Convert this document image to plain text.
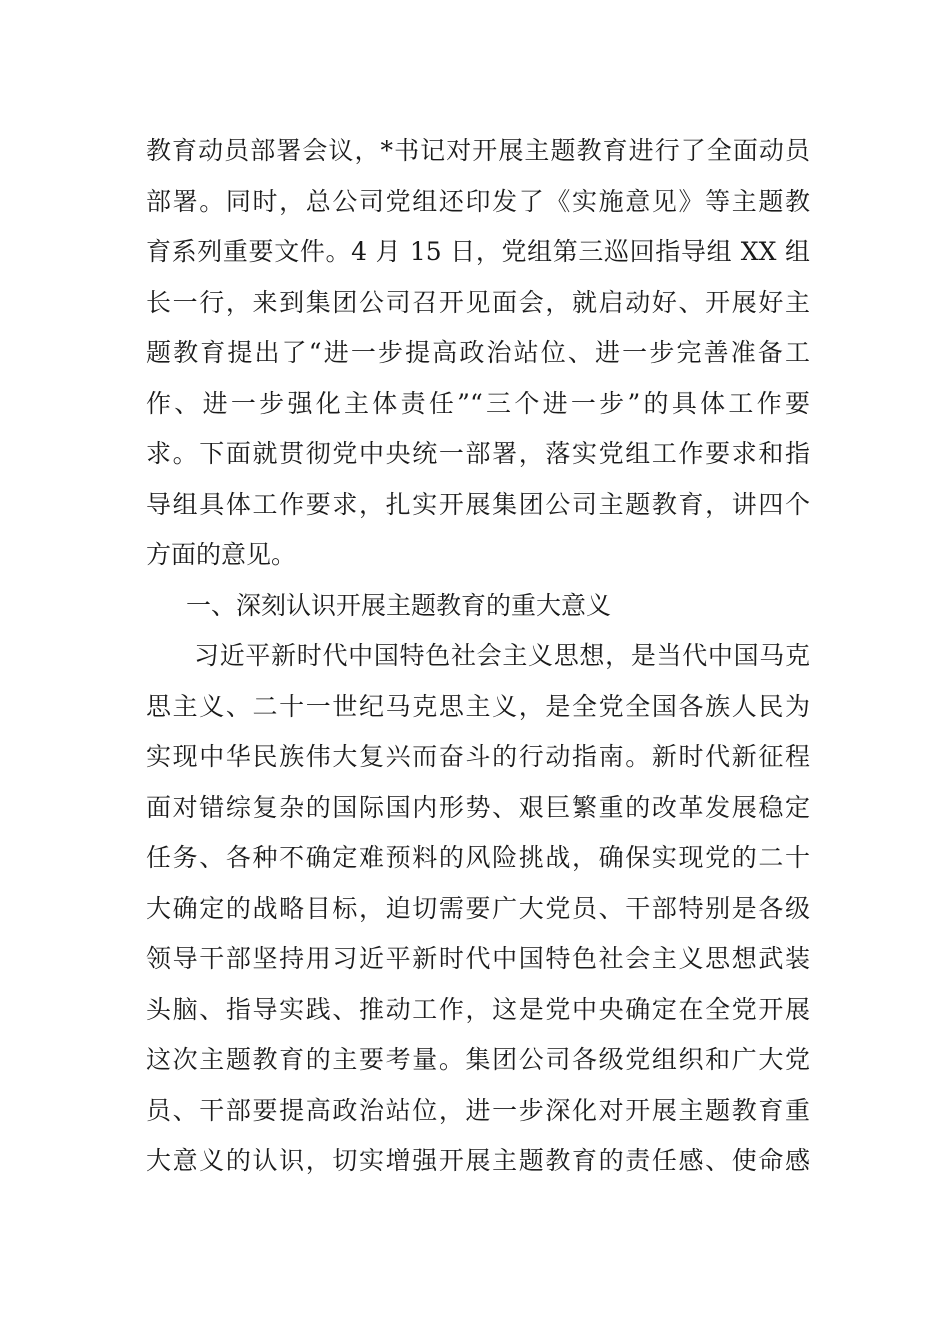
教育动员部署会议，*书记对开展主题教育进行了全面动员
部署。同时，总公司党组还印发了《实施意见》等主题教
育系列重要文件。4 月 15 日，党组第三巡回指导组 XX 组
长一行，来到集团公司召开见面会，就启动好、开展好主
题教育提出了“进一步提高政治站位、进一步完善准备工
作、进一步强化主体责任”“三个进一步”的具体工作要
求。下面就贯彻党中央统一部署，落实党组工作要求和指
导组具体工作要求，扎实开展集团公司主题教育，讲四个
方面的意见。
一、深刻认识开展主题教育的重大意义
习近平新时代中国特色社会主义思想，是当代中国马克
思主义、二十一世纪马克思主义，是全党全国各族人民为
实现中华民族伟大复兴而奋斗的行动指南。新时代新征程
面对错综复杂的国际国内形势、艰巨繁重的改革发展稳定
任务、各种不确定难预料的风险挑战，确保实现党的二十
大确定的战略目标，迫切需要广大党员、干部特别是各级
领导干部坚持用习近平新时代中国特色社会主义思想武装
头脑、指导实践、推动工作，这是党中央确定在全党开展
这次主题教育的主要考量。集团公司各级党组织和广大党
员、干部要提高政治站位，进一步深化对开展主题教育重
大意义的认识，切实增强开展主题教育的责任感、使命感
